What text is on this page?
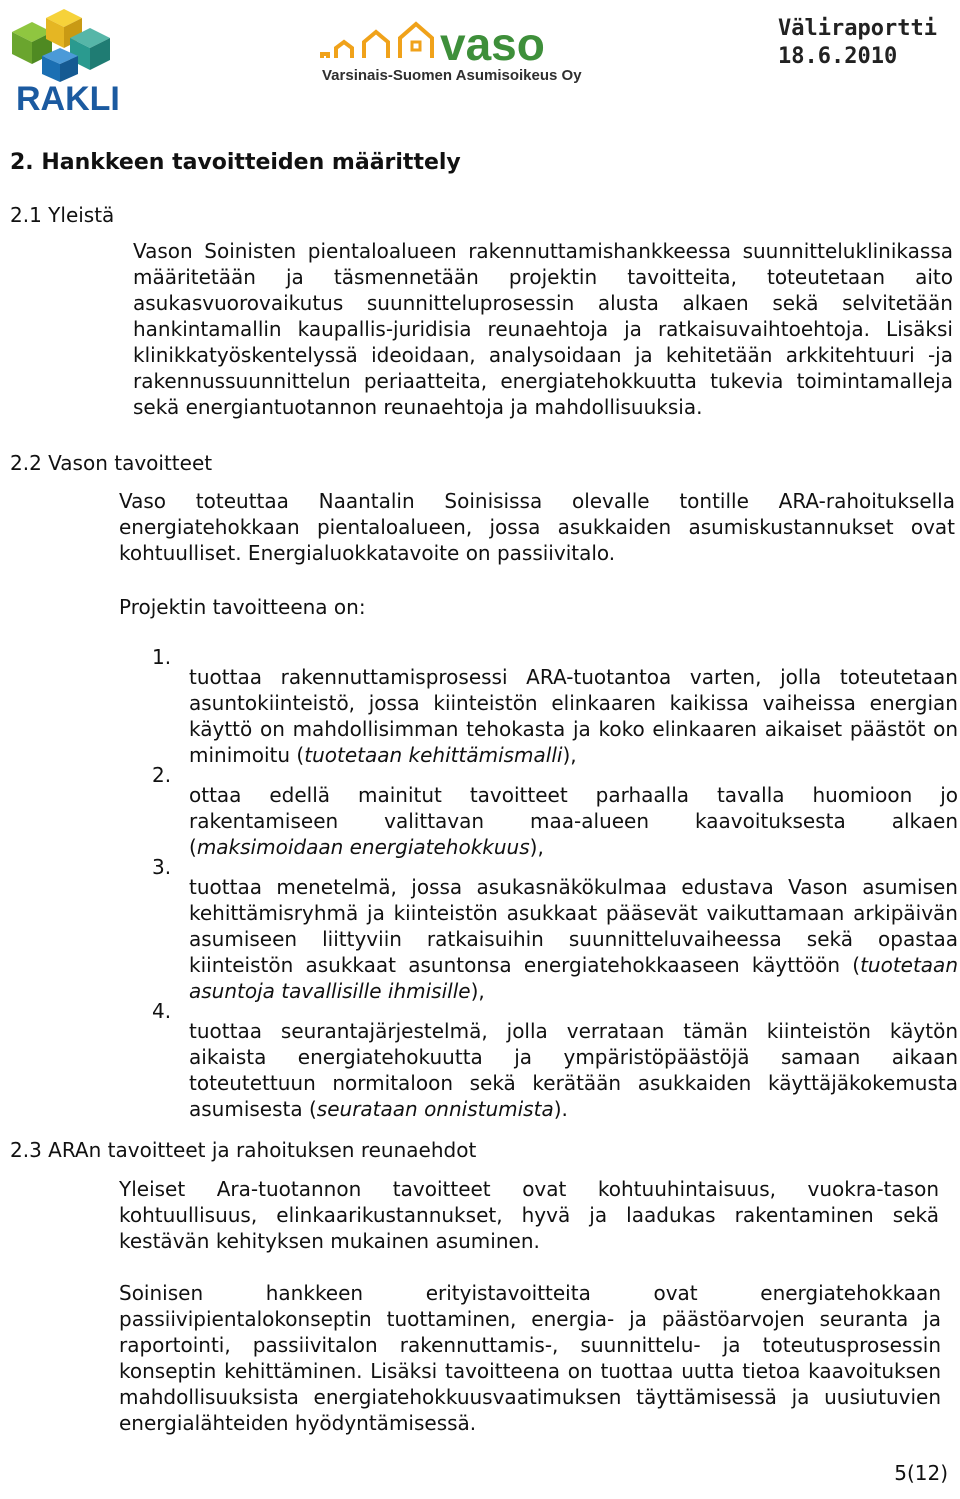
RAKLI
vaso
Varsinais-Suomen Asumisoikeus Oy
Väliraportti
18.6.2010
2. Hankkeen tavoitteiden määrittely
2.1 Yleistä

Vason Soinisten pientaloalueen rakennuttamishankkeessa suunnitteluklinikassa määritetään ja täsmennetään projektin tavoitteita, toteutetaan aito asukasvuorovaikutus suunnitteluprosessin alusta alkaen sekä selvitetään hankintamallin kaupallis-juridisia reunaehtoja ja ratkaisuvaihtoehtoja. Lisäksi klinikkatyöskentelyssä ideoidaan, analysoidaan ja kehitetään arkkitehtuuri -ja rakennussuunnittelun periaatteita, energiatehokkuutta tukevia toimintamalleja sekä energiantuotannon reunaehtoja ja mahdollisuuksia.

2.2 Vason tavoitteet

Vaso toteuttaa Naantalin Soinisissa olevalle tontille ARA-rahoituksella energiatehokkaan pientaloalueen, jossa asukkaiden asumiskustannukset ovat kohtuulliset. Energialuokkatavoite on passiivitalo.

Projektin tavoitteena on:
1.

tuottaa rakennuttamisprosessi ARA-tuotantoa varten, jolla toteutetaan asuntokiinteistö, jossa kiinteistön elinkaaren kaikissa vaiheissa energian käyttö on mahdollisimman tehokasta ja koko elinkaaren aikaiset päästöt on minimoitu (tuotetaan kehittämismalli),

2.

ottaa edellä mainitut tavoitteet parhaalla tavalla huomioon jo rakentamiseen valittavan maa-alueen kaavoituksesta alkaen (maksimoidaan energiatehokkuus),

3.

tuottaa menetelmä, jossa asukasnäkökulmaa edustava Vason asumisen kehittämisryhmä ja kiinteistön asukkaat pääsevät vaikuttamaan arkipäivän asumiseen liittyviin ratkaisuihin suunnitteluvaiheessa sekä opastaa kiinteistön asukkaat asuntonsa energiatehokkaaseen käyttöön (tuotetaan asuntoja tavallisille ihmisille),

4.

tuottaa seurantajärjestelmä, jolla verrataan tämän kiinteistön käytön aikaista energiatehokuutta ja ympäristöpäästöjä samaan aikaan toteutettuun normitaloon sekä kerätään asukkaiden käyttäjäkokemusta asumisesta (seurataan onnistumista).

2.3 ARAn tavoitteet ja rahoituksen reunaehdot

Yleiset Ara-tuotannon tavoitteet ovat kohtuuhintaisuus, vuokra-tason kohtuullisuus, elinkaarikustannukset, hyvä ja laadukas rakentaminen sekä kestävän kehityksen mukainen asuminen.

Soinisen hankkeen erityistavoitteita ovat energiatehokkaan passiivipientalokonseptin tuottaminen, energia- ja päästöarvojen seuranta ja raportointi, passiivitalon rakennuttamis-, suunnittelu- ja toteutusprosessin konseptin kehittäminen. Lisäksi tavoitteena on tuottaa uutta tietoa kaavoituksen mahdollisuuksista energiatehokkuusvaatimuksen täyttämisessä ja uusiutuvien energialähteiden hyödyntämisessä.

5(12)
